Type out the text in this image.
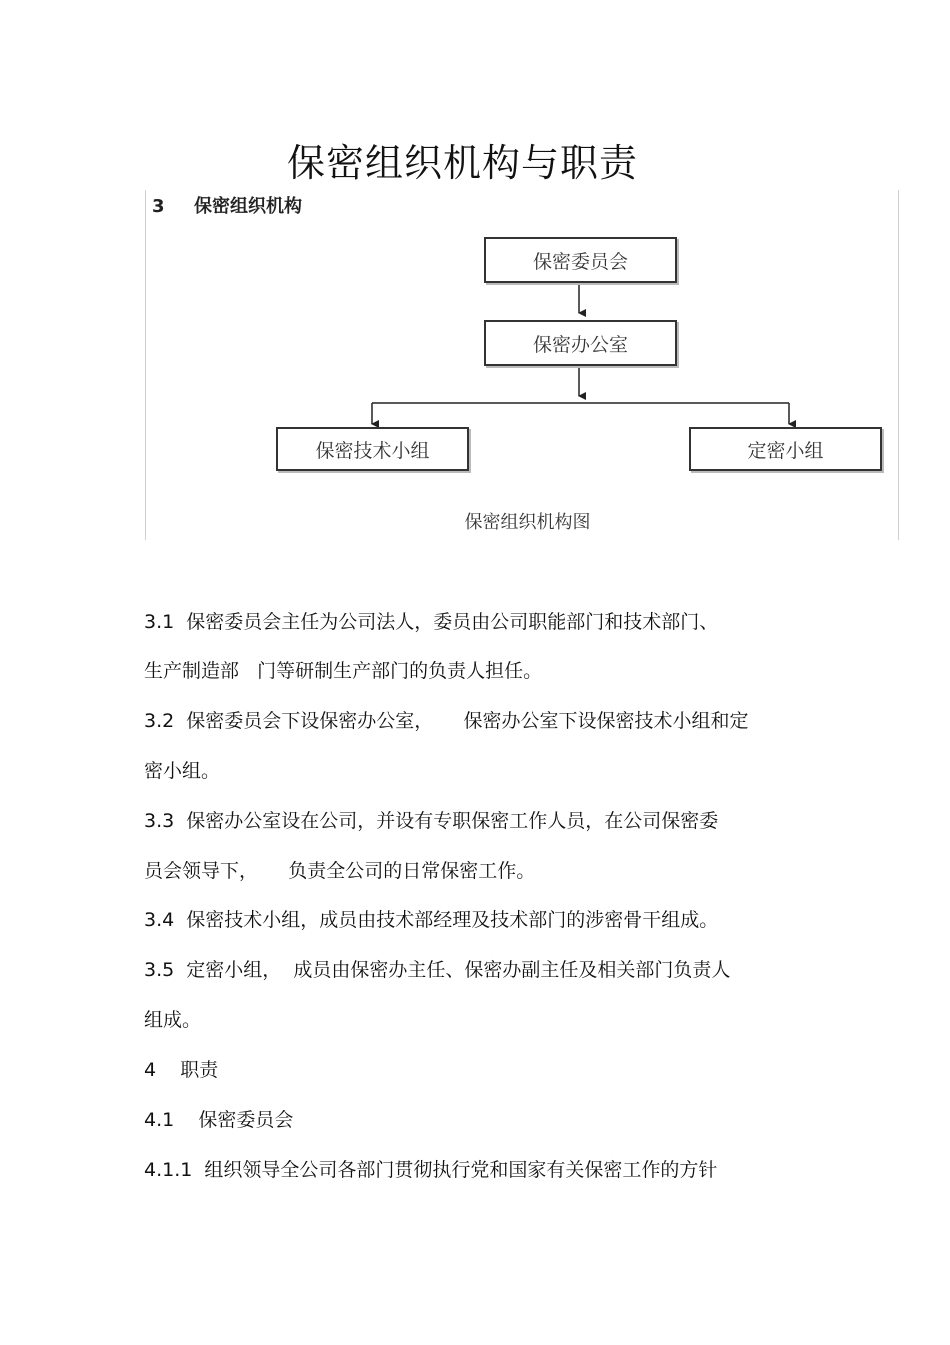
保密组织机构与职责
3 保密组织机构
保密委员会
保密办公室
保密技术小组	定密小组
保密组织机构图
3.1  保密委员会主任为公司法人，委员由公司职能部门和技术部门、
生产制造部   门等研制生产部门的负责人担任。
3.2  保密委员会下设保密办公室，     保密办公室下设保密技术小组和定
密小组。
3.3  保密办公室设在公司，并设有专职保密工作人员，在公司保密委
员会领导下，     负责全公司的日常保密工作。
3.4  保密技术小组，成员由技术部经理及技术部门的涉密骨干组成。
3.5  定密小组，  成员由保密办主任、保密办副主任及相关部门负责人
组成。
4    职责
4.1    保密委员会
4.1.1  组织领导全公司各部门贯彻执行党和国家有关保密工作的方针
